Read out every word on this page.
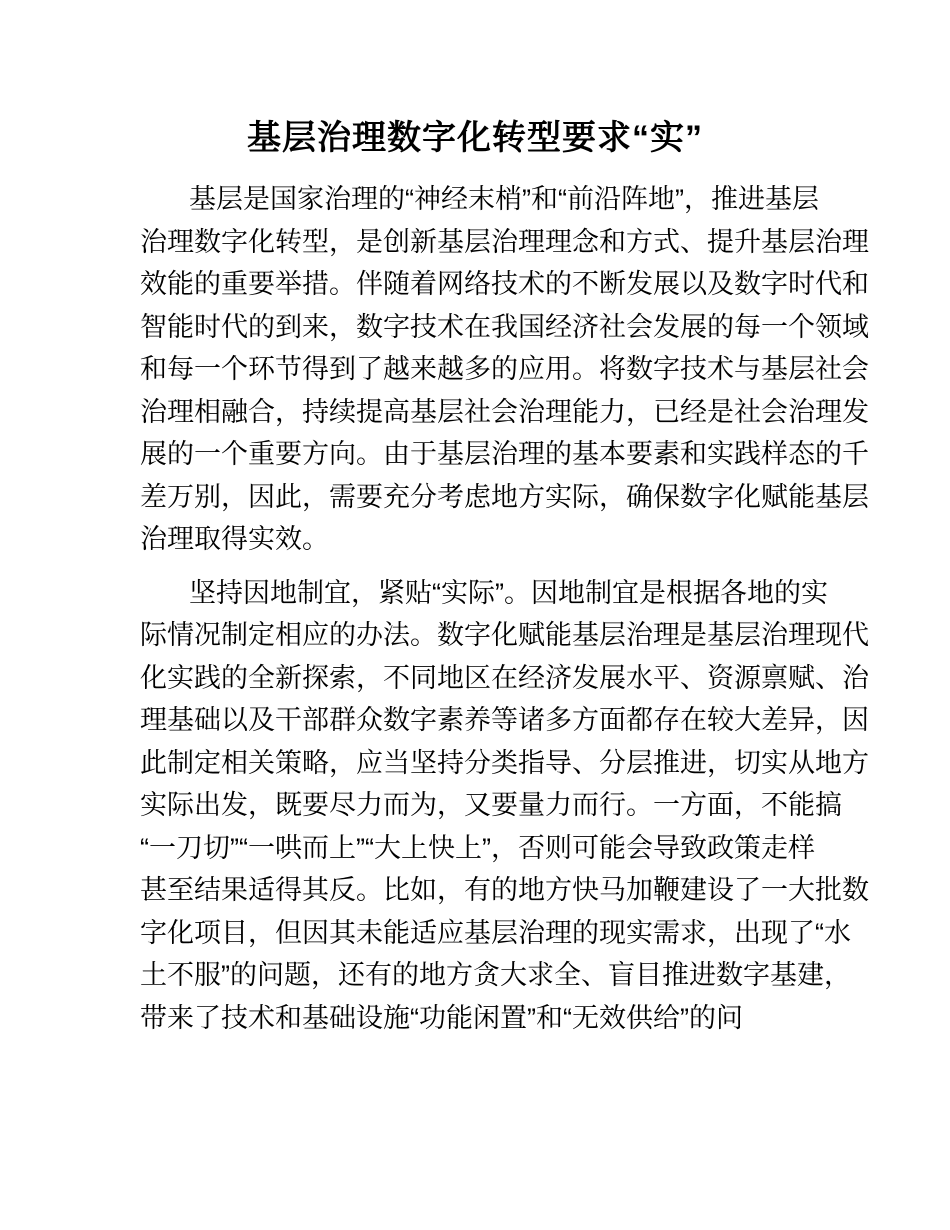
基层治理数字化转型要求“实”
基层是国家治理的“神经末梢”和“前沿阵地”，推进基层
治理数字化转型，是创新基层治理理念和方式、提升基层治理
效能的重要举措。伴随着网络技术的不断发展以及数字时代和
智能时代的到来，数字技术在我国经济社会发展的每一个领域
和每一个环节得到了越来越多的应用。将数字技术与基层社会
治理相融合，持续提高基层社会治理能力，已经是社会治理发
展的一个重要方向。由于基层治理的基本要素和实践样态的千
差万别，因此，需要充分考虑地方实际，确保数字化赋能基层
治理取得实效。
坚持因地制宜，紧贴“实际”。因地制宜是根据各地的实
际情况制定相应的办法。数字化赋能基层治理是基层治理现代
化实践的全新探索，不同地区在经济发展水平、资源禀赋、治
理基础以及干部群众数字素养等诸多方面都存在较大差异，因
此制定相关策略，应当坚持分类指导、分层推进，切实从地方
实际出发，既要尽力而为，又要量力而行。一方面，不能搞
“一刀切”“一哄而上”“大上快上”，否则可能会导致政策走样
甚至结果适得其反。比如，有的地方快马加鞭建设了一大批数
字化项目，但因其未能适应基层治理的现实需求，出现了“水
土不服”的问题，还有的地方贪大求全、盲目推进数字基建，
带来了技术和基础设施“功能闲置”和“无效供给”的问
